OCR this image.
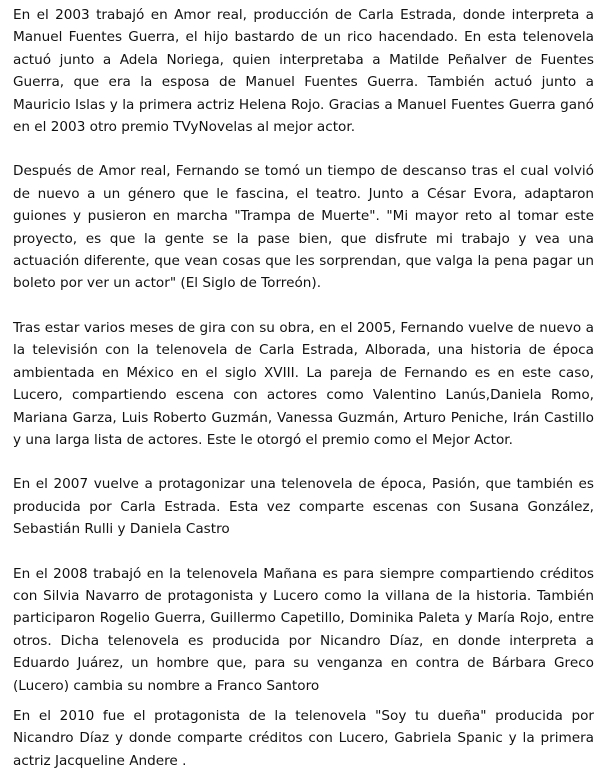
En el 2003 trabajó en Amor real, producción de Carla Estrada, donde interpreta a Manuel Fuentes Guerra, el hijo bastardo de un rico hacendado. En esta telenovela actuó junto a Adela Noriega, quien interpretaba a Matilde Peñalver de Fuentes Guerra, que era la esposa de Manuel Fuentes Guerra. También actuó junto a Mauricio Islas y la primera actriz Helena Rojo. Gracias a Manuel Fuentes Guerra ganó en el 2003 otro premio TVyNovelas al mejor actor.

Después de Amor real, Fernando se tomó un tiempo de descanso tras el cual volvió de nuevo a un género que le fascina, el teatro. Junto a César Evora, adaptaron guiones y pusieron en marcha "Trampa de Muerte". "Mi mayor reto al tomar este proyecto, es que la gente se la pase bien, que disfrute mi trabajo y vea una actuación diferente, que vean cosas que les sorprendan, que valga la pena pagar un boleto por ver un actor" (El Siglo de Torreón).

Tras estar varios meses de gira con su obra, en el 2005, Fernando vuelve de nuevo a la televisión con la telenovela de Carla Estrada, Alborada, una historia de época ambientada en México en el siglo XVIII. La pareja de Fernando es en este caso, Lucero, compartiendo escena con actores como Valentino Lanús,Daniela Romo, Mariana Garza, Luis Roberto Guzmán, Vanessa Guzmán, Arturo Peniche, Irán Castillo y una larga lista de actores. Este le otorgó el premio como el Mejor Actor.

En el 2007 vuelve a protagonizar una telenovela de época, Pasión, que también es producida por Carla Estrada. Esta vez comparte escenas con Susana González, Sebastián Rulli y Daniela Castro

En el 2008 trabajó en la telenovela Mañana es para siempre compartiendo créditos con Silvia Navarro de protagonista y Lucero como la villana de la historia. También participaron Rogelio Guerra, Guillermo Capetillo, Dominika Paleta y María Rojo, entre otros. Dicha telenovela es producida por Nicandro Díaz, en donde interpreta a Eduardo Juárez, un hombre que, para su venganza en contra de Bárbara Greco (Lucero) cambia su nombre a Franco Santoro

En el 2010 fue el protagonista de la telenovela "Soy tu dueña" producida por Nicandro Díaz y donde comparte créditos con Lucero, Gabriela Spanic y la primera actriz Jacqueline Andere .
